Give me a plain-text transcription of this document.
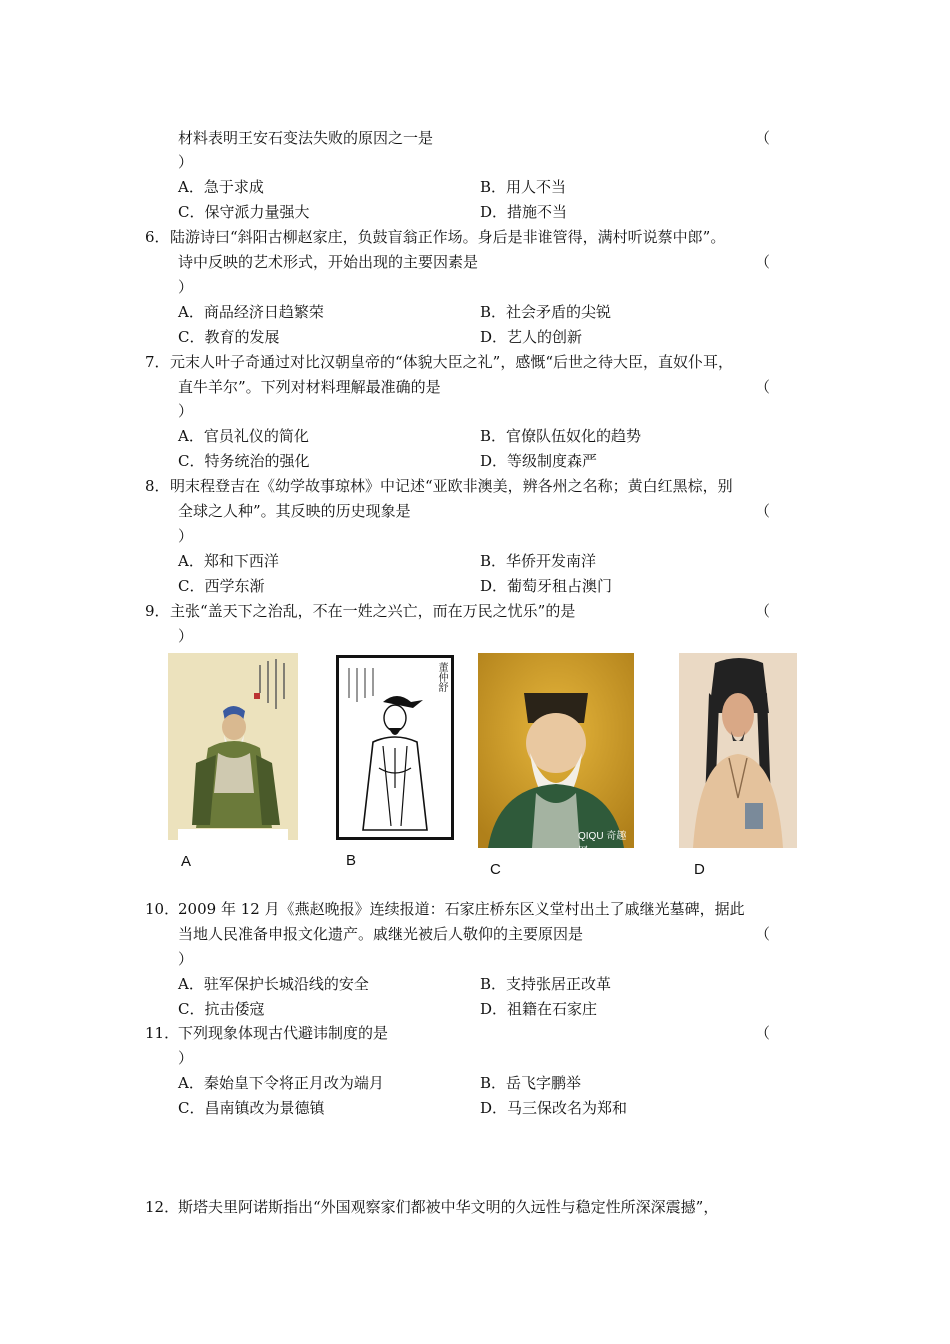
材料表明王安石变法失败的原因之一是	（
）
A．急于求成	B．用人不当
C．保守派力量强大	D．措施不当
6． 陆游诗曰“斜阳古柳赵家庄，负鼓盲翁正作场。身后是非谁管得，满村听说蔡中郎”。
诗中反映的艺术形式，开始出现的主要因素是	（
）
A．商品经济日趋繁荣	B．社会矛盾的尖锐
C．教育的发展	D．艺人的创新
7． 元末人叶子奇通过对比汉朝皇帝的“体貌大臣之礼”，感慨“后世之待大臣，直奴仆耳，
直牛羊尔”。下列对材料理解最准确的是	（
）
A．官员礼仪的简化	B．官僚队伍奴化的趋势
C．特务统治的强化	D．等级制度森严
8． 明末程登吉在《幼学故事琼林》中记述“亚欧非澳美，辨各州之名称；黄白红黑棕，别
全球之人种”。其反映的历史现象是	（
）
A．郑和下西洋	B．华侨开发南洋
C．西学东渐	D．葡萄牙租占澳门
9． 主张“盖天下之治乱，不在一姓之兴亡，而在万民之忧乐”的是	（
）
A
董仲舒
B
QIQU 奇趣网
C	D
10．
2009 年 12 月《燕赵晚报》连续报道：石家庄桥东区义堂村出土了戚继光墓碑，据此
当地人民准备申报文化遗产。戚继光被后人敬仰的主要原因是	（
）
A．驻军保护长城沿线的安全	B．支持张居正改革
C．抗击倭寇	D．祖籍在石家庄
11．
下列现象体现古代避讳制度的是	（
）
A．秦始皇下令将正月改为端月	B．岳飞字鹏举
C．昌南镇改为景德镇	D．马三保改名为郑和
12．
斯塔夫里阿诺斯指出“外国观察家们都被中华文明的久远性与稳定性所深深震撼”，
